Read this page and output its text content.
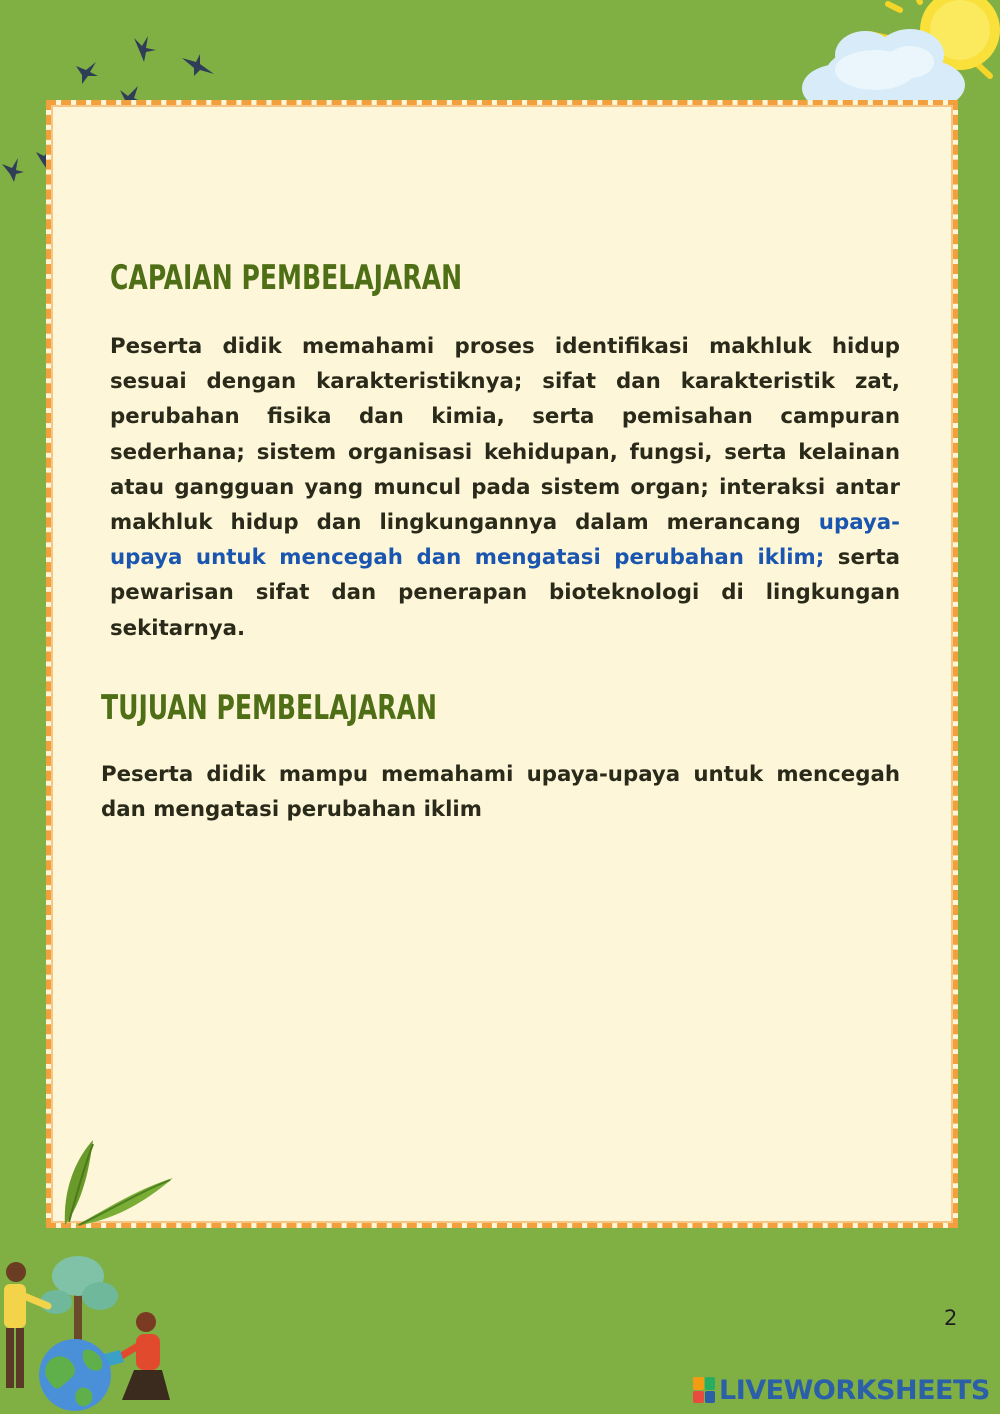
CAPAIAN PEMBELAJARAN

Peserta didik memahami proses identifikasi makhluk hidup sesuai dengan karakteristiknya; sifat dan karakteristik zat, perubahan fisika dan kimia, serta pemisahan campuran sederhana; sistem organisasi kehidupan, fungsi, serta kelainan atau gangguan yang muncul pada sistem organ; interaksi antar makhluk hidup dan lingkungannya dalam merancang upaya-upaya untuk mencegah dan mengatasi perubahan iklim; serta pewarisan sifat dan penerapan bioteknologi di lingkungan sekitarnya.

TUJUAN PEMBELAJARAN

Peserta didik mampu memahami upaya-upaya untuk mencegah dan mengatasi perubahan iklim

2
LIVEWORKSHEETS
